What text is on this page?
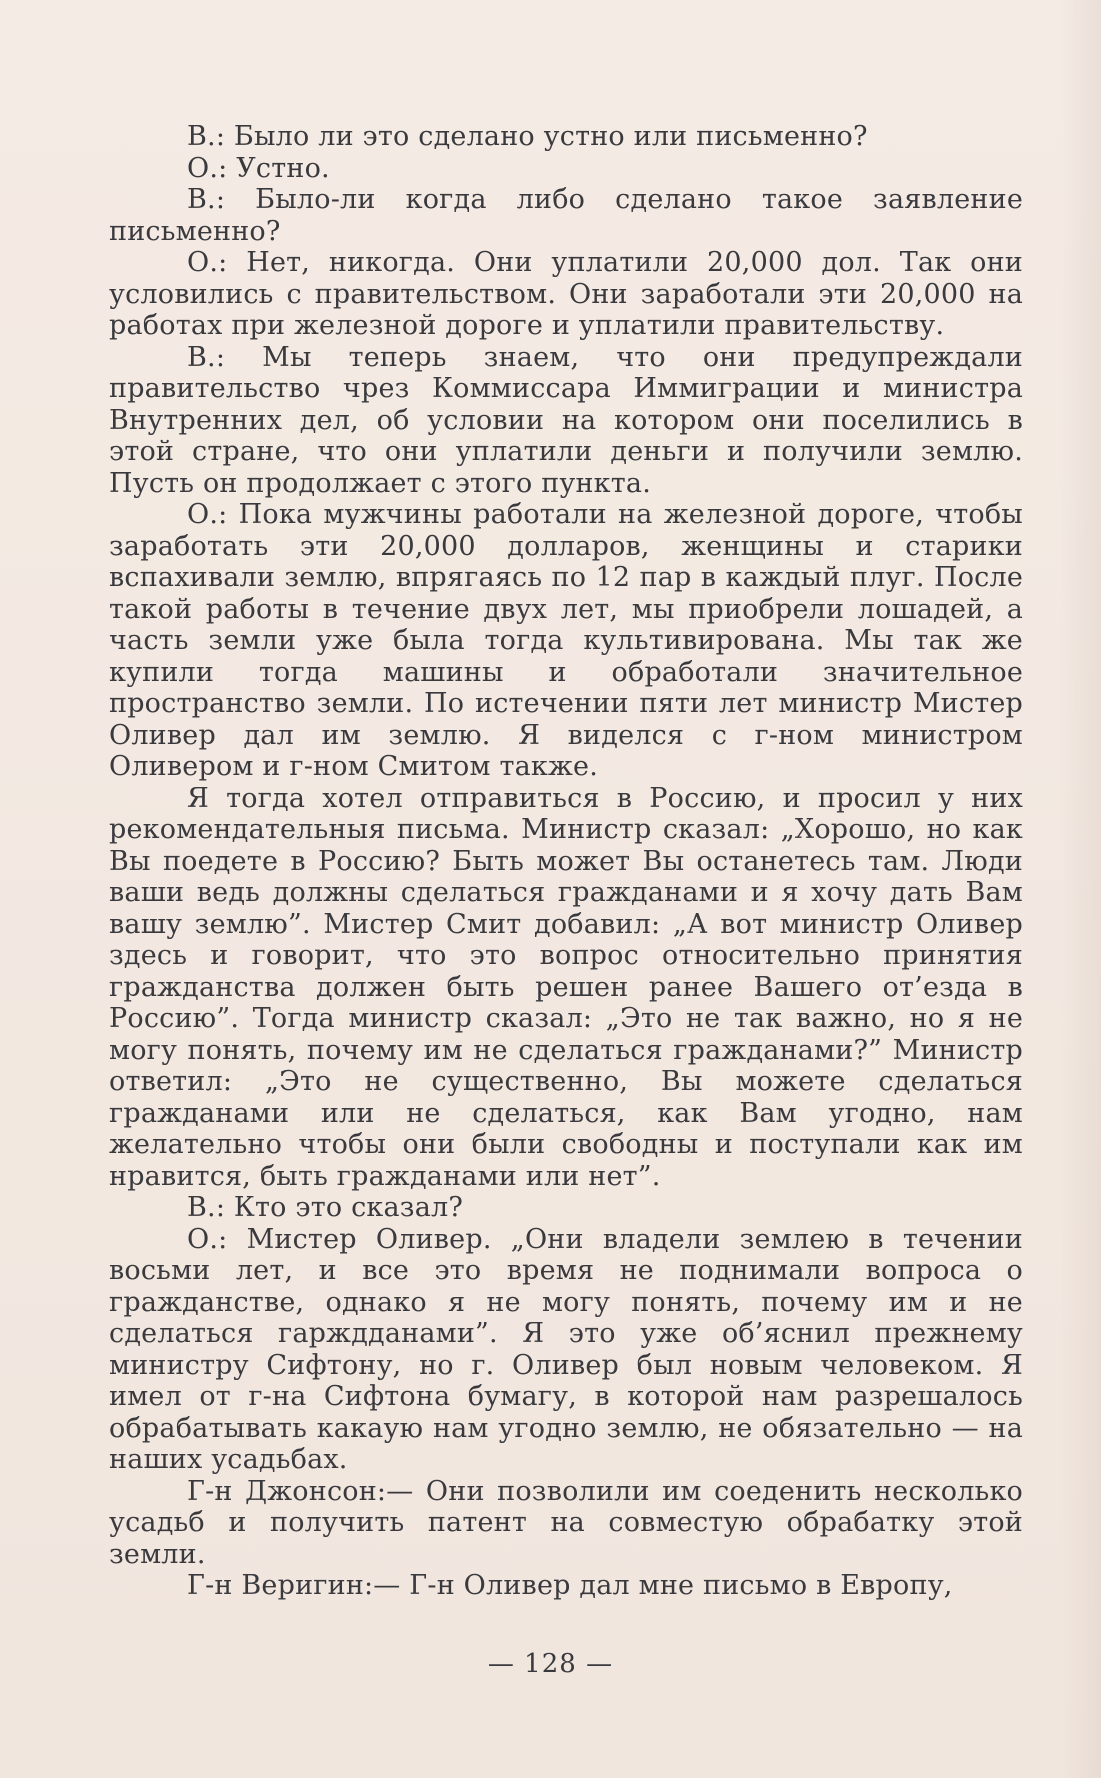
В.: Было ли это сделано устно или письменно?

О.: Устно.

В.: Было-ли когда либо сделано такое заявление письменно?

О.: Нет, никогда. Они уплатили 20,000 дол. Так они условились с правительством. Они заработали эти 20,000 на работах при железной дороге и уплатили правительству.

В.: Мы теперь знаем, что они предупреждали правительство чрез Коммиссара Иммиграции и министра Внутренних дел, об условии на котором они поселились в этой стране, что они уплатили деньги и получили землю. Пусть он продолжает с этого пункта.

О.: Пока мужчины работали на железной дороге, чтобы заработать эти 20,000 долларов, женщины и старики вспахивали землю, впрягаясь по 12 пар в каждый плуг. После такой работы в течение двух лет, мы приобрели лошадей, а часть земли уже была тогда культивирована. Мы так же купили тогда машины и обрабoтали значительное пространство земли. По истечении пяти лет министр Мистер Оливер дал им землю. Я виделся с г-ном министром Оливером и г-ном Смитом также.

Я тогда хотел отправиться в Россию, и просил у них рекомендательныя письма. Министр сказал: „Хорошо, но как Вы поедете в Россию? Быть может Вы останетесь там. Люди ваши ведь должны сделаться гражданами и я хочу дать Вам вашу землю”. Мистер Смит добавил: „А вот министр Оливер здесь и говорит, что это вопрос относительно принятия гражданства должен быть решен ранее Вашего от’езда в Россию”. Тогда министр сказал: „Это не так важно, но я не могу понять, почему им не сделаться гражданами?” Министр ответил: „Это не существенно, Вы можете сделаться гражданами или не сделаться, как Вам угодно, нам желательно чтобы они были свободны и поступали как им нравится, быть гражданами или нет”.

В.: Кто это сказал?

О.: Мистер Оливер. „Они владели землею в течении восьми лет, и все это время не поднимали вопроса о гражданстве, однако я не могу понять, почему им и не сделаться гарждданами”. Я это уже об’яснил прежнему министру Сифтону, но г. Оливер был новым человеком. Я имел от г-на Сифтона бумагу, в которой нам разрешалось обрабатывать какаую нам угодно землю, не обязательно — на наших усадьбах.

Г-н Джонсон:— Они позволили им соеденить несколько усадьб и получить патент на совместую обрабатку этой земли.

Г-н Веригин:— Г-н Оливер дал мне письмо в Европу,

— 128 —
